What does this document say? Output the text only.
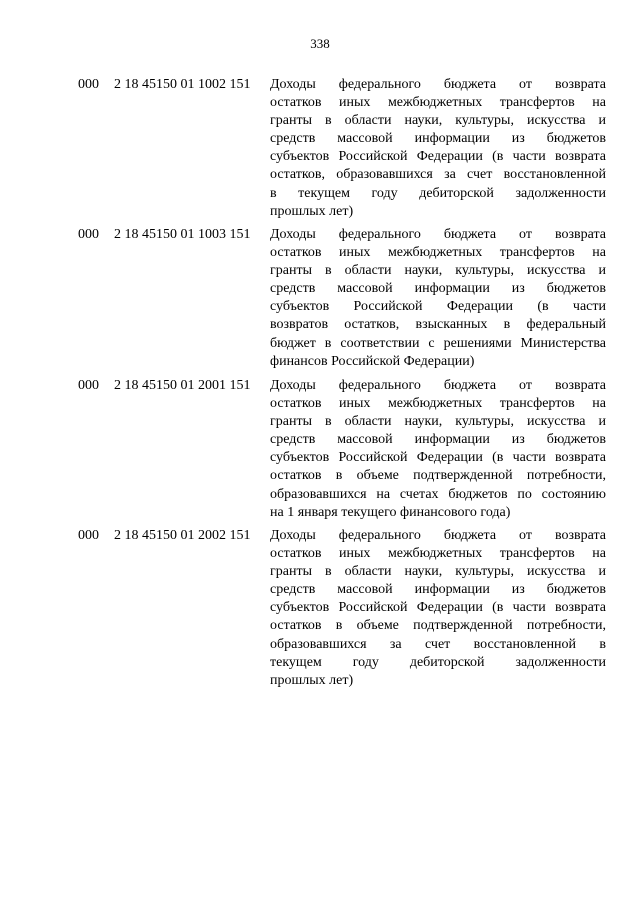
338
000 2 18 45150 01 1002 151 Доходы федерального бюджета от возврата
остатков иных межбюджетных трансфертов на
гранты в области науки, культуры, искусства и
средств массовой информации из бюджетов
субъектов Российской Федерации (в части возврата
остатков, образовавшихся за счет восстановленной
в текущем году дебиторской задолженности
прошлых лет)
000 2 18 45150 01 1003 151 Доходы федерального бюджета от возврата
остатков иных межбюджетных трансфертов на
гранты в области науки, культуры, искусства и
средств массовой информации из бюджетов
субъектов Российской Федерации (в части
возвратов остатков, взысканных в федеральный
бюджет в соответствии с решениями Министерства
финансов Российской Федерации)
000 2 18 45150 01 2001 151 Доходы федерального бюджета от возврата
остатков иных межбюджетных трансфертов на
гранты в области науки, культуры, искусства и
средств массовой информации из бюджетов
субъектов Российской Федерации (в части возврата
остатков в объеме подтвержденной потребности,
образовавшихся на счетах бюджетов по состоянию
на 1 января текущего финансового года)
000 2 18 45150 01 2002 151 Доходы федерального бюджета от возврата
остатков иных межбюджетных трансфертов на
гранты в области науки, культуры, искусства и
средств массовой информации из бюджетов
субъектов Российской Федерации (в части возврата
остатков в объеме подтвержденной потребности,
образовавшихся за счет восстановленной в
текущем году дебиторской задолженности
прошлых лет)
